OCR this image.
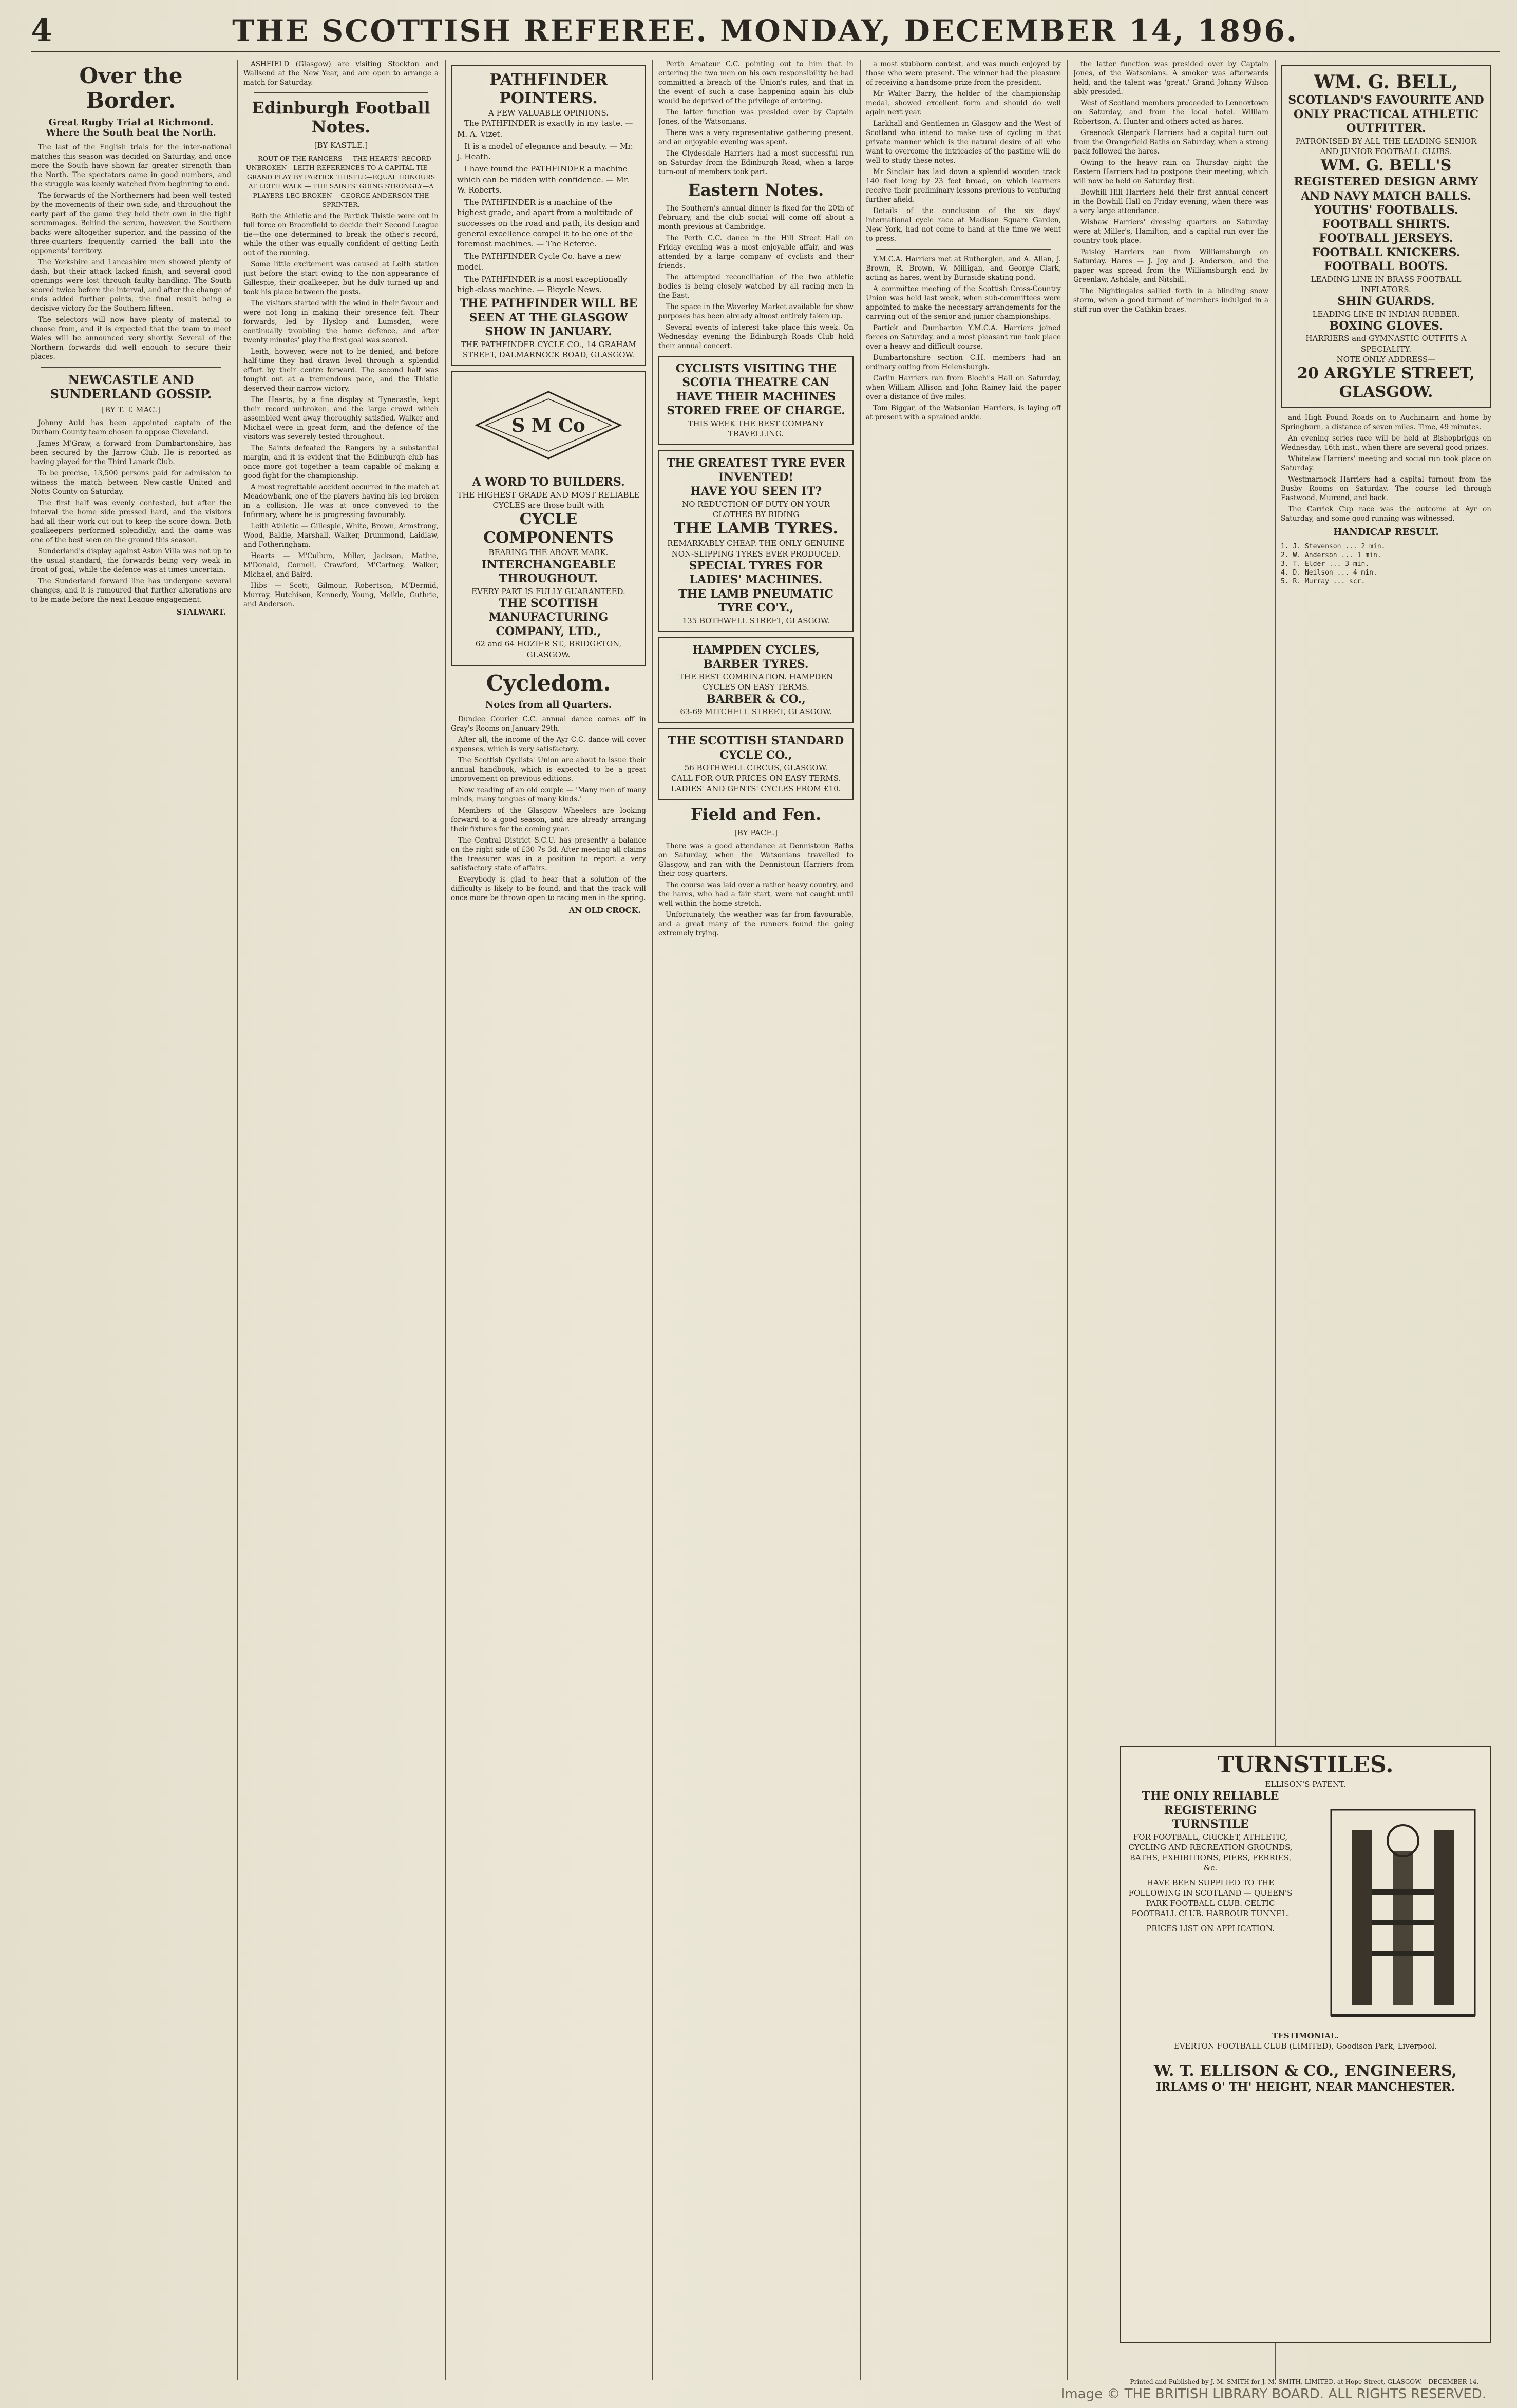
4	THE SCOTTISH REFEREE. MONDAY, DECEMBER 14, 1896.
Over the Border.
Great Rugby Trial at Richmond. Where the South beat the North.

The last of the English trials for the inter-national matches this season was decided on Saturday, and once more the South have shown far greater strength than the North. The spectators came in good numbers, and the struggle was keenly watched from beginning to end.

The forwards of the Northerners had been well tested by the movements of their own side, and throughout the early part of the game they held their own in the tight scrummages. Behind the scrum, however, the Southern backs were altogether superior, and the passing of the three-quarters frequently carried the ball into the opponents' territory.

The Yorkshire and Lancashire men showed plenty of dash, but their attack lacked finish, and several good openings were lost through faulty handling. The South scored twice before the interval, and after the change of ends added further points, the final result being a decisive victory for the Southern fifteen.

The selectors will now have plenty of material to choose from, and it is expected that the team to meet Wales will be announced very shortly. Several of the Northern forwards did well enough to secure their places.

NEWCASTLE AND SUNDERLAND GOSSIP.
[BY T. T. MAC.]

Johnny Auld has been appointed captain of the Durham County team chosen to oppose Cleveland.

James M'Graw, a forward from Dumbartonshire, has been secured by the Jarrow Club. He is reported as having played for the Third Lanark Club.

To be precise, 13,500 persons paid for admission to witness the match between New-castle United and Notts County on Saturday.

The first half was evenly contested, but after the interval the home side pressed hard, and the visitors had all their work cut out to keep the score down. Both goalkeepers performed splendidly, and the game was one of the best seen on the ground this season.

Sunderland's display against Aston Villa was not up to the usual standard, the forwards being very weak in front of goal, while the defence was at times uncertain.

The Sunderland forward line has undergone several changes, and it is rumoured that further alterations are to be made before the next League engagement.

STALWART.

ASHFIELD (Glasgow) are visiting Stockton and Wallsend at the New Year, and are open to arrange a match for Saturday.

Edinburgh Football Notes.
[BY KASTLE.]

ROUT OF THE RANGERS — THE HEARTS' RECORD UNBROKEN—LEITH REFERENCES TO A CAPITAL TIE — GRAND PLAY BY PARTICK THISTLE—EQUAL HONOURS AT LEITH WALK — THE SAINTS' GOING STRONGLY—A PLAYERS LEG BROKEN— GEORGE ANDERSON THE SPRINTER.

Both the Athletic and the Partick Thistle were out in full force on Broomfield to decide their Second League tie—the one determined to break the other's record, while the other was equally confident of getting Leith out of the running.

Some little excitement was caused at Leith station just before the start owing to the non-appearance of Gillespie, their goalkeeper, but he duly turned up and took his place between the posts.

The visitors started with the wind in their favour and were not long in making their presence felt. Their forwards, led by Hyslop and Lumsden, were continually troubling the home defence, and after twenty minutes' play the first goal was scored.

Leith, however, were not to be denied, and before half-time they had drawn level through a splendid effort by their centre forward. The second half was fought out at a tremendous pace, and the Thistle deserved their narrow victory.

The Hearts, by a fine display at Tynecastle, kept their record unbroken, and the large crowd which assembled went away thoroughly satisfied. Walker and Michael were in great form, and the defence of the visitors was severely tested throughout.

The Saints defeated the Rangers by a substantial margin, and it is evident that the Edinburgh club has once more got together a team capable of making a good fight for the championship.

A most regrettable accident occurred in the match at Meadowbank, one of the players having his leg broken in a collision. He was at once conveyed to the Infirmary, where he is progressing favourably.

Leith Athletic — Gillespie, White, Brown, Armstrong, Wood, Baldie, Marshall, Walker, Drummond, Laidlaw, and Fotheringham.

Hearts — M'Cullum, Miller, Jackson, Mathie, M'Donald, Connell, Crawford, M'Cartney, Walker, Michael, and Baird.

Hibs — Scott, Gilmour, Robertson, M'Dermid, Murray, Hutchison, Kennedy, Young, Meikle, Guthrie, and Anderson.

PATHFINDER POINTERS.
A FEW VALUABLE OPINIONS.

The PATHFINDER is exactly in my taste. — M. A. Vizet.

It is a model of elegance and beauty. — Mr. J. Heath.

I have found the PATHFINDER a machine which can be ridden with confidence. — Mr. W. Roberts.

The PATHFINDER is a machine of the highest grade, and apart from a multitude of successes on the road and path, its design and general excellence compel it to be one of the foremost machines. — The Referee.

The PATHFINDER Cycle Co. have a new model.

The PATHFINDER is a most exceptionally high-class machine. — Bicycle News.

THE PATHFINDER WILL BE SEEN AT THE GLASGOW SHOW IN JANUARY.
THE PATHFINDER CYCLE CO., 14 GRAHAM STREET, DALMARNOCK ROAD, GLASGOW.
S M Co
A WORD TO BUILDERS.
THE HIGHEST GRADE AND MOST RELIABLE CYCLES are those built with
CYCLE COMPONENTS
BEARING THE ABOVE MARK.
INTERCHANGEABLE THROUGHOUT.
EVERY PART IS FULLY GUARANTEED.
THE SCOTTISH MANUFACTURING COMPANY, LTD.,
62 and 64 HOZIER ST., BRIDGETON, GLASGOW.
Cycledom.
Notes from all Quarters.

Dundee Courier C.C. annual dance comes off in Gray's Rooms on January 29th.

After all, the income of the Ayr C.C. dance will cover expenses, which is very satisfactory.

The Scottish Cyclists' Union are about to issue their annual handbook, which is expected to be a great improvement on previous editions.

Now reading of an old couple — 'Many men of many minds, many tongues of many kinds.'

Members of the Glasgow Wheelers are looking forward to a good season, and are already arranging their fixtures for the coming year.

The Central District S.C.U. has presently a balance on the right side of £30 7s 3d. After meeting all claims the treasurer was in a position to report a very satisfactory state of affairs.

Everybody is glad to hear that a solution of the difficulty is likely to be found, and that the track will once more be thrown open to racing men in the spring.

AN OLD CROCK.

Perth Amateur C.C. pointing out to him that in entering the two men on his own responsibility he had committed a breach of the Union's rules, and that in the event of such a case happening again his club would be deprived of the privilege of entering.

The latter function was presided over by Captain Jones, of the Watsonians.

There was a very representative gathering present, and an enjoyable evening was spent.

The Clydesdale Harriers had a most successful run on Saturday from the Edinburgh Road, when a large turn-out of members took part.

Eastern Notes.

The Southern's annual dinner is fixed for the 20th of February, and the club social will come off about a month previous at Cambridge.

The Perth C.C. dance in the Hill Street Hall on Friday evening was a most enjoyable affair, and was attended by a large company of cyclists and their friends.

The attempted reconciliation of the two athletic bodies is being closely watched by all racing men in the East.

The space in the Waverley Market available for show purposes has been already almost entirely taken up.

Several events of interest take place this week. On Wednesday evening the Edinburgh Roads Club hold their annual concert.

CYCLISTS VISITING THE SCOTIA THEATRE CAN HAVE THEIR MACHINES STORED FREE OF CHARGE.
THIS WEEK THE BEST COMPANY TRAVELLING.
THE GREATEST TYRE EVER INVENTED!
HAVE YOU SEEN IT?
NO REDUCTION OF DUTY ON YOUR CLOTHES BY RIDING
THE LAMB TYRES.
REMARKABLY CHEAP. THE ONLY GENUINE NON-SLIPPING TYRES EVER PRODUCED.
SPECIAL TYRES FOR LADIES' MACHINES.
THE LAMB PNEUMATIC TYRE CO'Y.,
135 BOTHWELL STREET, GLASGOW.
HAMPDEN CYCLES, BARBER TYRES.
THE BEST COMBINATION. HAMPDEN CYCLES ON EASY TERMS.
BARBER & CO.,
63-69 MITCHELL STREET, GLASGOW.
THE SCOTTISH STANDARD CYCLE CO.,
56 BOTHWELL CIRCUS, GLASGOW.
CALL FOR OUR PRICES ON EASY TERMS. LADIES' AND GENTS' CYCLES FROM £10.
Field and Fen.
[BY PACE.]

There was a good attendance at Dennistoun Baths on Saturday, when the Watsonians travelled to Glasgow, and ran with the Dennistoun Harriers from their cosy quarters.

The course was laid over a rather heavy country, and the hares, who had a fair start, were not caught until well within the home stretch.

Unfortunately, the weather was far from favourable, and a great many of the runners found the going extremely trying.

a most stubborn contest, and was much enjoyed by those who were present. The winner had the pleasure of receiving a handsome prize from the president.

Mr Walter Barry, the holder of the championship medal, showed excellent form and should do well again next year.

Larkhall and Gentlemen in Glasgow and the West of Scotland who intend to make use of cycling in that private manner which is the natural desire of all who want to overcome the intricacies of the pastime will do well to study these notes.

Mr Sinclair has laid down a splendid wooden track 140 feet long by 23 feet broad, on which learners receive their preliminary lessons previous to venturing further afield.

Details of the conclusion of the six days' international cycle race at Madison Square Garden, New York, had not come to hand at the time we went to press.

Y.M.C.A. Harriers met at Rutherglen, and A. Allan, J. Brown, R. Brown, W. Milligan, and George Clark, acting as hares, went by Burnside skating pond.

A committee meeting of the Scottish Cross-Country Union was held last week, when sub-committees were appointed to make the necessary arrangements for the carrying out of the senior and junior championships.

Partick and Dumbarton Y.M.C.A. Harriers joined forces on Saturday, and a most pleasant run took place over a heavy and difficult course.

Dumbartonshire section C.H. members had an ordinary outing from Helensburgh.

Carlin Harriers ran from Blochi's Hall on Saturday, when William Allison and John Rainey laid the paper over a distance of five miles.

Tom Biggar, of the Watsonian Harriers, is laying off at present with a sprained ankle.

the latter function was presided over by Captain Jones, of the Watsonians. A smoker was afterwards held, and the talent was 'great.' Grand Johnny Wilson ably presided.

West of Scotland members proceeded to Lennoxtown on Saturday, and from the local hotel. William Robertson, A. Hunter and others acted as hares.

Greenock Glenpark Harriers had a capital turn out from the Orangefield Baths on Saturday, when a strong pack followed the hares.

Owing to the heavy rain on Thursday night the Eastern Harriers had to postpone their meeting, which will now be held on Saturday first.

Bowhill Hill Harriers held their first annual concert in the Bowhill Hall on Friday evening, when there was a very large attendance.

Wishaw Harriers' dressing quarters on Saturday were at Miller's, Hamilton, and a capital run over the country took place.

Paisley Harriers ran from Williamsburgh on Saturday. Hares — J. Joy and J. Anderson, and the paper was spread from the Williamsburgh end by Greenlaw, Ashdale, and Nitshill.

The Nightingales sallied forth in a blinding snow storm, when a good turnout of members indulged in a stiff run over the Cathkin braes.

WM. G. BELL,
SCOTLAND'S FAVOURITE AND ONLY PRACTICAL ATHLETIC OUTFITTER.
PATRONISED BY ALL THE LEADING SENIOR AND JUNIOR FOOTBALL CLUBS.
WM. G. BELL'S
REGISTERED DESIGN ARMY AND NAVY MATCH BALLS.
YOUTHS' FOOTBALLS.
FOOTBALL SHIRTS.
FOOTBALL JERSEYS.
FOOTBALL KNICKERS.
FOOTBALL BOOTS.
LEADING LINE IN BRASS FOOTBALL INFLATORS.
SHIN GUARDS.
LEADING LINE IN INDIAN RUBBER.
BOXING GLOVES.
HARRIERS and GYMNASTIC OUTFITS A SPECIALITY.
NOTE ONLY ADDRESS—
20 ARGYLE STREET, GLASGOW.

and High Pound Roads on to Auchinairn and home by Springburn, a distance of seven miles. Time, 49 minutes.

An evening series race will be held at Bishopbriggs on Wednesday, 16th inst., when there are several good prizes.

Whitelaw Harriers' meeting and social run took place on Saturday.

Westmarnock Harriers had a capital turnout from the Busby Rooms on Saturday. The course led through Eastwood, Muirend, and back.

The Carrick Cup race was the outcome at Ayr on Saturday, and some good running was witnessed.

HANDICAP RESULT.
1. J. Stevenson ... 2 min.
2. W. Anderson ... 1 min.
3. T. Elder ... 3 min.
4. D. Neilson ... 4 min.
5. R. Murray ... scr.
TURNSTILES.
ELLISON'S PATENT.
THE ONLY RELIABLE REGISTERING TURNSTILE
FOR FOOTBALL, CRICKET, ATHLETIC, CYCLING AND RECREATION GROUNDS, BATHS, EXHIBITIONS, PIERS, FERRIES, &c.
HAVE BEEN SUPPLIED TO THE FOLLOWING IN SCOTLAND — QUEEN'S PARK FOOTBALL CLUB. CELTIC FOOTBALL CLUB. HARBOUR TUNNEL.
PRICES LIST ON APPLICATION.
TESTIMONIAL.
EVERTON FOOTBALL CLUB (LIMITED), Goodison Park, Liverpool.
W. T. ELLISON & CO., ENGINEERS,
IRLAMS O' TH' HEIGHT, NEAR MANCHESTER.
Printed and Published by J. M. SMITH for J. M. SMITH, LIMITED, at Hope Street, GLASGOW.—DECEMBER 14.
Image © THE BRITISH LIBRARY BOARD. ALL RIGHTS RESERVED.
